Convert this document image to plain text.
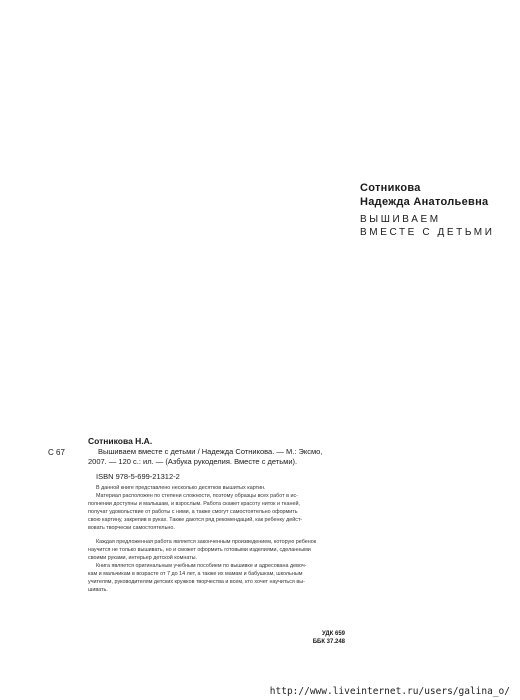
Сотникова
Надежда Анатольевна
ВЫШИВАЕМ
ВМЕСТЕ С ДЕТЬМИ
С 67
Сотникова Н.А.
Вышиваем вместе с детьми / Надежда Сотникова. — М.: Эксмо,
2007. — 120 с.: ил. — (Азбука рукоделия. Вместе с детьми).
ISBN 978-5-699-21312-2
В данной книге представлено несколько десятков вышитых картин.
Материал расположен по степени сложности, поэтому образцы всех работ в ис-
полнении доступны и малышам, и взрослым. Работа скажет красоту ниток и тканей,
получат удовольствие от работы с ними, а также смогут самостоятельно оформить
свою картину, закрепив в руках. Также даются ряд рекомендаций, как ребенку дейст-
вовать творчески самостоятельно.
Каждая предложенная работа является законченным произведением, которую ребенок
научится не только вышивать, но и сможет оформить готовыми изделиями, сделанными
своими руками, интерьер детской комнаты.
Книга является оригинальным учебным пособием по вышивке и адресована девоч-
кам и мальчикам в возрасте от 7 до 14 лет, а также их мамам и бабушкам, школьным
учителям, руководителям детских кружков творчества и всем, кто хочет научиться вы-
шивать.
УДК 659
ББК 37.248
http://www.liveinternet.ru/users/galina_o/
